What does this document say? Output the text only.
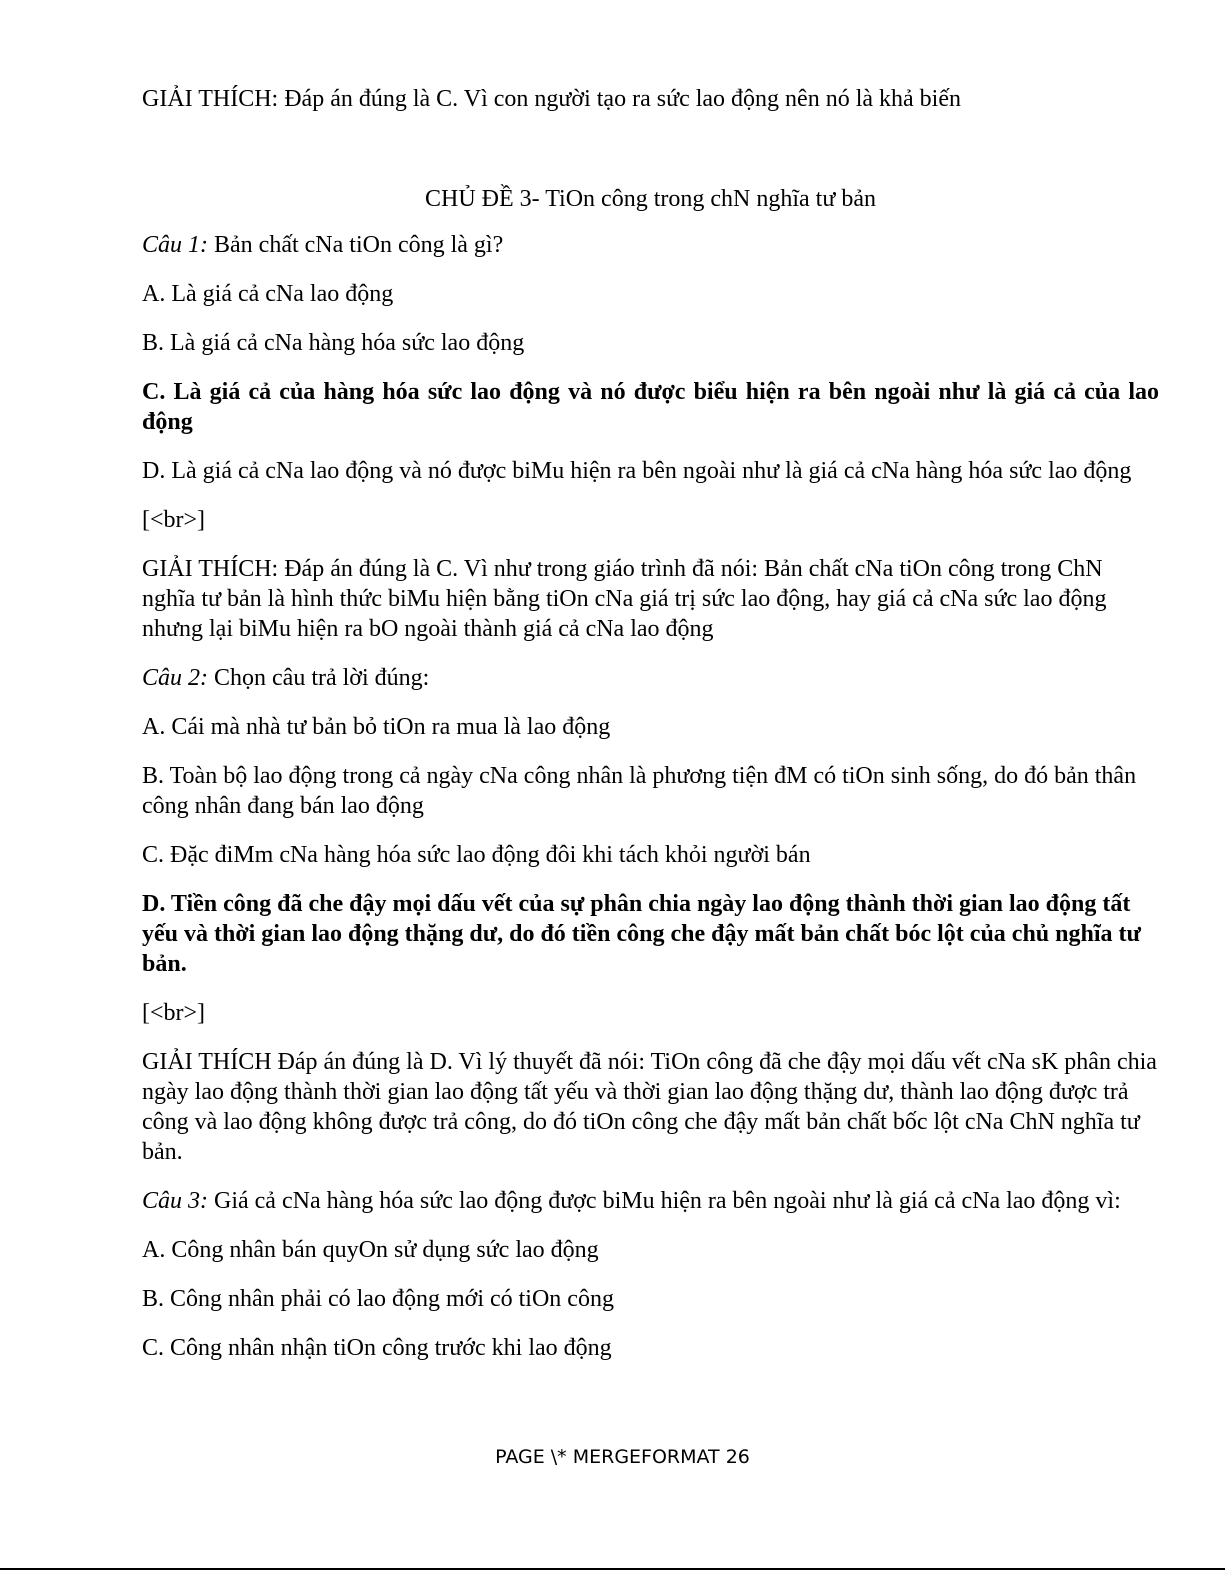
GIẢI THÍCH: Đáp án đúng là C. Vì con người tạo ra sức lao động nên nó là khả biến

CHỦ ĐỀ 3- TiOn công trong chN nghĩa tư bản

Câu 1: Bản chất cNa tiOn công là gì?

A. Là giá cả cNa lao động

B. Là giá cả cNa hàng hóa sức lao động

C. Là giá cả của hàng hóa sức lao động và nó được biểu hiện ra bên ngoài như là giá cả của lao động

D. Là giá cả cNa lao động và nó được biMu hiện ra bên ngoài như là giá cả cNa hàng hóa sức lao động

[<br>]

GIẢI THÍCH: Đáp án đúng là C. Vì như trong giáo trình đã nói: Bản chất cNa tiOn công trong ChN nghĩa tư bản là hình thức biMu hiện bằng tiOn cNa giá trị sức lao động, hay giá cả cNa sức lao động nhưng lại biMu hiện ra bO ngoài thành giá cả cNa lao động

Câu 2: Chọn câu trả lời đúng:

A. Cái mà nhà tư bản bỏ tiOn ra mua là lao động

B. Toàn bộ lao động trong cả ngày cNa công nhân là phương tiện đM có tiOn sinh sống, do đó bản thân công nhân đang bán lao động

C. Đặc điMm cNa hàng hóa sức lao động đôi khi tách khỏi người bán

D. Tiền công đã che đậy mọi dấu vết của sự phân chia ngày lao động thành thời gian lao động tất yếu và thời gian lao động thặng dư, do đó tiền công che đậy mất bản chất bóc lột của chủ nghĩa tư bản.

[<br>]

GIẢI THÍCH Đáp án đúng là D. Vì lý thuyết đã nói: TiOn công đã che đậy mọi dấu vết cNa sK phân chia ngày lao động thành thời gian lao động tất yếu và thời gian lao động thặng dư, thành lao động được trả công và lao động không được trả công, do đó tiOn công che đậy mất bản chất bốc lột cNa ChN nghĩa tư bản.

Câu 3: Giá cả cNa hàng hóa sức lao động được biMu hiện ra bên ngoài như là giá cả cNa lao động vì:

A. Công nhân bán quyOn sử dụng sức lao động

B. Công nhân phải có lao động mới có tiOn công

C. Công nhân nhận tiOn công trước khi lao động

PAGE \* MERGEFORMAT 26
